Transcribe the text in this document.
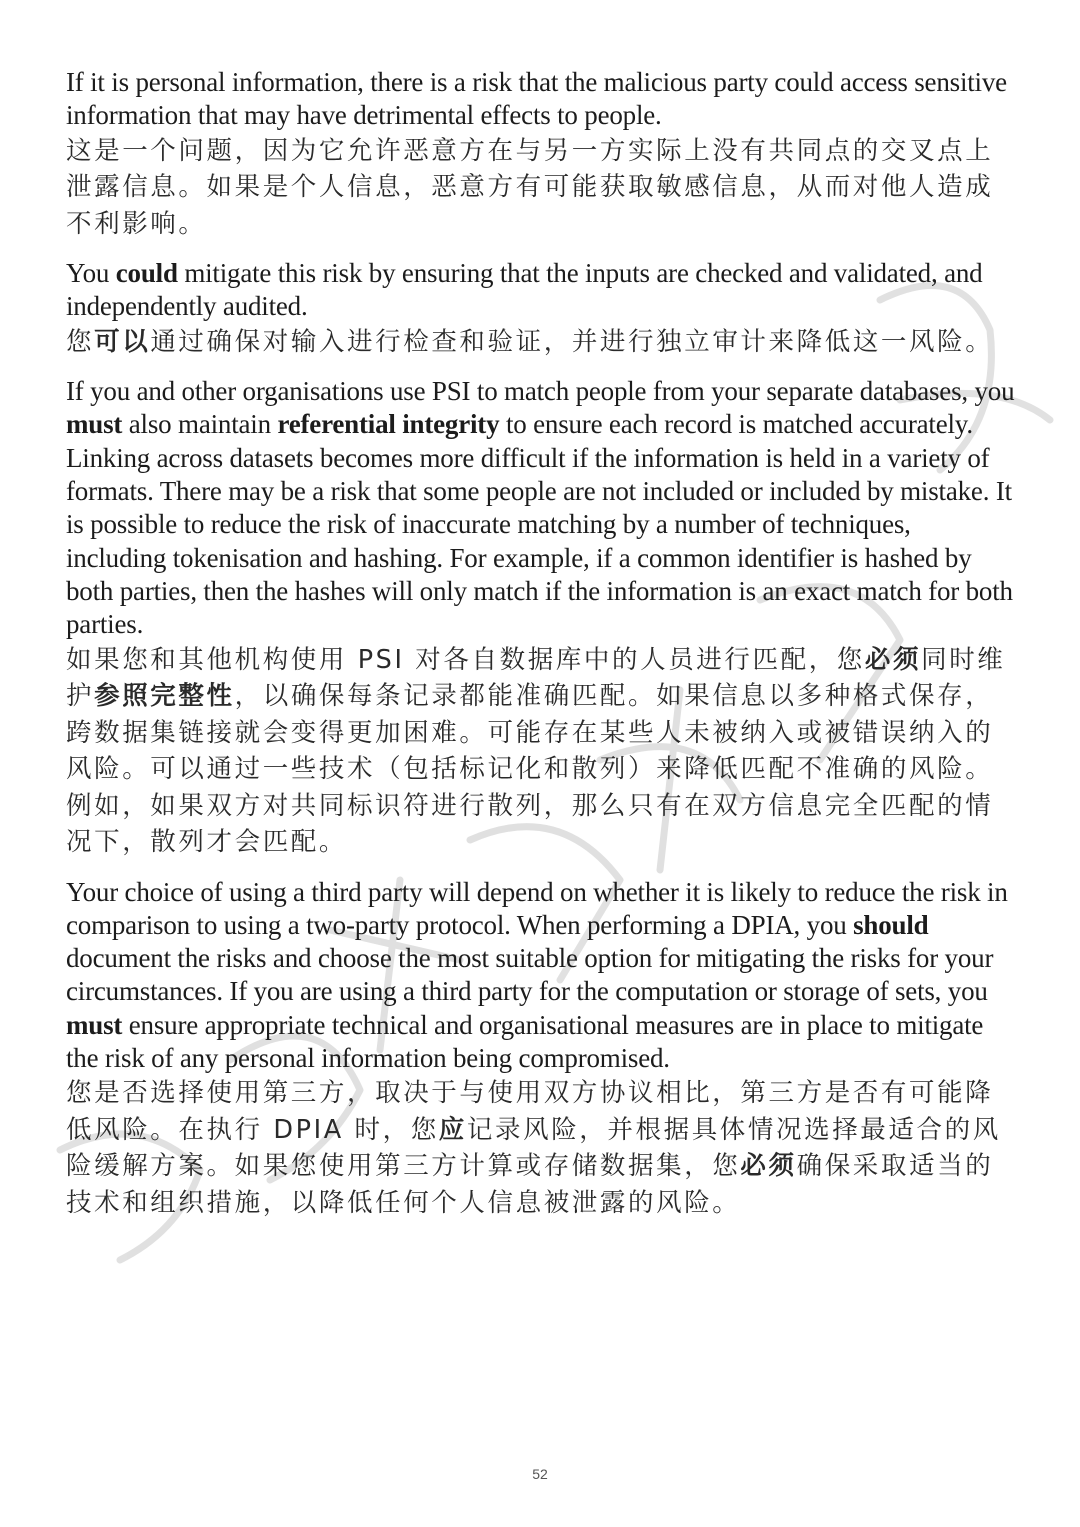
If it is personal information, there is a risk that the malicious party could access sensitive information that may have detrimental effects to people.

这是一个问题，因为它允许恶意方在与另一方实际上没有共同点的交叉点上泄露信息。如果是个人信息，恶意方有可能获取敏感信息，从而对他人造成不利影响。

You could mitigate this risk by ensuring that the inputs are checked and validated, and independently audited.

您可以通过确保对输入进行检查和验证，并进行独立审计来降低这一风险。

If you and other organisations use PSI to match people from your separate databases, you must also maintain referential integrity to ensure each record is matched accurately. Linking across datasets becomes more difficult if the information is held in a variety of formats. There may be a risk that some people are not included or included by mistake. It is possible to reduce the risk of inaccurate matching by a number of techniques, including tokenisation and hashing. For example, if a common identifier is hashed by both parties, then the hashes will only match if the information is an exact match for both parties.

如果您和其他机构使用 PSI 对各自数据库中的人员进行匹配，您必须同时维护参照完整性，以确保每条记录都能准确匹配。如果信息以多种格式保存，跨数据集链接就会变得更加困难。可能存在某些人未被纳入或被错误纳入的风险。可以通过一些技术（包括标记化和散列）来降低匹配不准确的风险。例如，如果双方对共同标识符进行散列，那么只有在双方信息完全匹配的情况下，散列才会匹配。

Your choice of using a third party will depend on whether it is likely to reduce the risk in comparison to using a two-party protocol. When performing a DPIA, you should document the risks and choose the most suitable option for mitigating the risks for your circumstances. If you are using a third party for the computation or storage of sets, you must ensure appropriate technical and organisational measures are in place to mitigate the risk of any personal information being compromised.

您是否选择使用第三方，取决于与使用双方协议相比，第三方是否有可能降低风险。在执行 DPIA 时，您应记录风险，并根据具体情况选择最适合的风险缓解方案。如果您使用第三方计算或存储数据集，您必须确保采取适当的技术和组织措施，以降低任何个人信息被泄露的风险。

52
